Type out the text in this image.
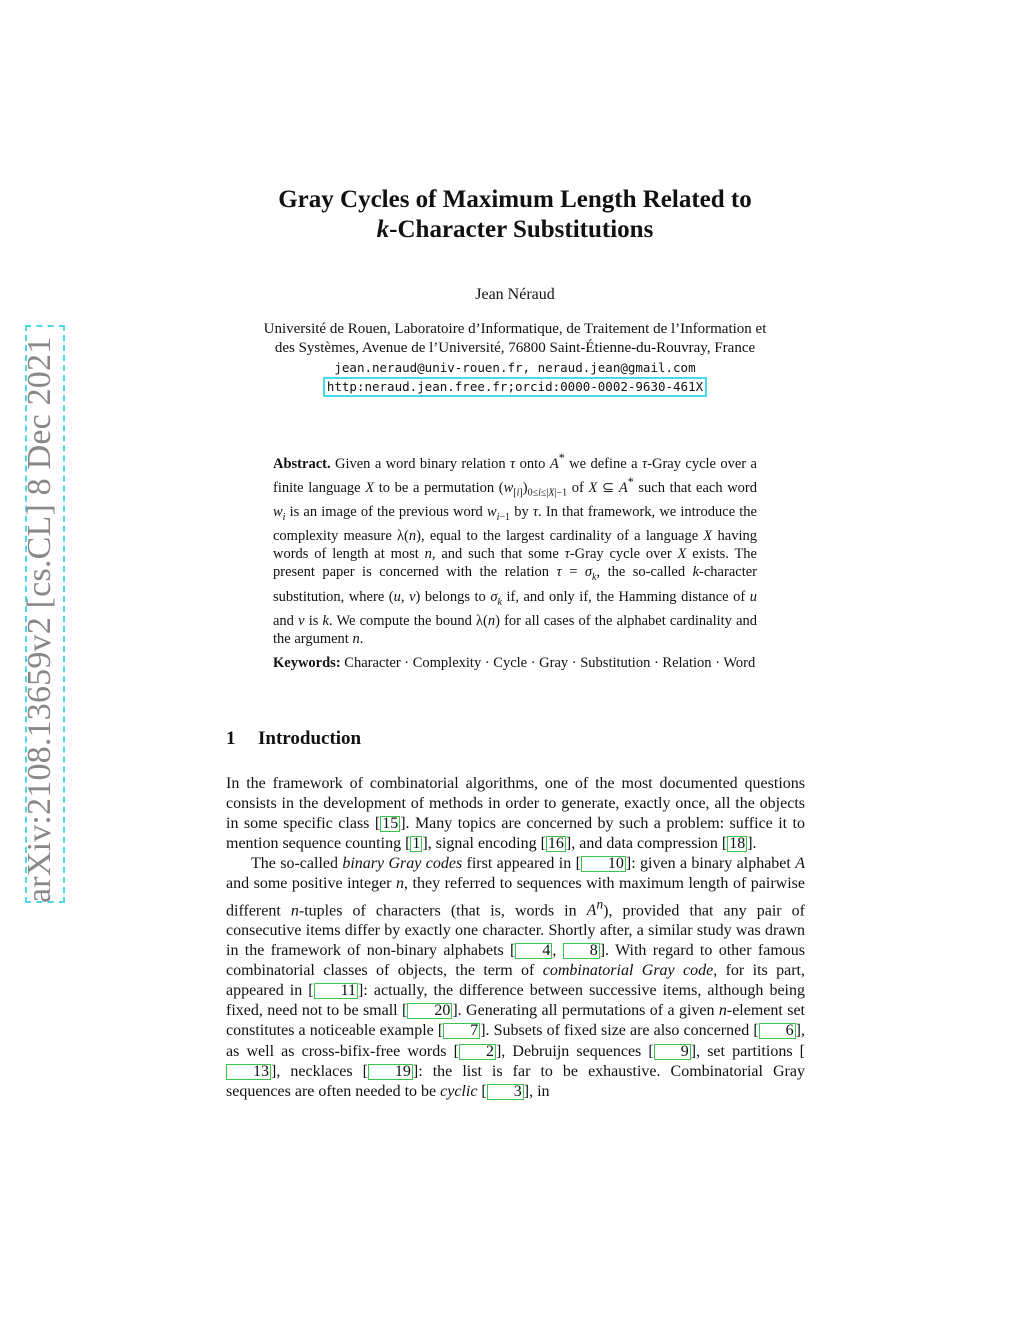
arXiv:2108.13659v2 [cs.CL] 8 Dec 2021
Gray Cycles of Maximum Length Related to
k-Character Substitutions
Jean Néraud
Université de Rouen, Laboratoire d’Informatique, de Traitement de l’Information et
des Systèmes, Avenue de l’Université, 76800 Saint-Étienne-du-Rouvray, France
jean.neraud@univ-rouen.fr, neraud.jean@gmail.com
http:neraud.jean.free.fr;orcid:0000-0002-9630-461X
Abstract. Given a word binary relation τ onto A* we define a τ-Gray cycle over a finite language X to be a permutation $(w_{[i]})_{0\le i\le|X|-1}$ of X ⊆ A* such that each word $w_i$ is an image of the previous word $w_{i-1}$ by τ. In that framework, we introduce the complexity measure λ(n), equal to the largest cardinality of a language X having words of length at most n, and such that some τ-Gray cycle over X exists. The present paper is concerned with the relation $\tau = \sigma_k$, the so-called k-character substitution, where (u, v) belongs to $\sigma_k$ if, and only if, the Hamming distance of u and v is k. We compute the bound λ(n) for all cases of the alphabet cardinality and the argument n.
Keywords: Character · Complexity · Cycle · Gray · Substitution · Relation · Word
1 Introduction

In the framework of combinatorial algorithms, one of the most documented questions consists in the development of methods in order to generate, exactly once, all the objects in some specific class [ 15 ]. Many topics are concerned by such a problem: suffice it to mention sequence counting [ 1 ], signal encoding [ 16 ], and data compression [ 18 ].

The so-called binary Gray codes first appeared in [ 10 ]: given a binary alphabet A and some positive integer n, they referred to sequences with maximum length of pairwise different n-tuples of characters (that is, words in $A^n$), provided that any pair of consecutive items differ by exactly one character. Shortly after, a similar study was drawn in the framework of non-binary alphabets [ 4 , 8 ]. With regard to other famous combinatorial classes of objects, the term of combinatorial Gray code, for its part, appeared in [ 11 ]: actually, the difference between successive items, although being fixed, need not to be small [ 20 ]. Generating all permutations of a given n-element set constitutes a noticeable example [ 7 ]. Subsets of fixed size are also concerned [ 6 ], as well as cross-bifix-free words [ 2 ], Debruijn sequences [ 9 ], set partitions [13 ], necklaces [ 19 ]: the list is far to be exhaustive. Combinatorial Gray sequences are often needed to be cyclic [ 3 ], in
